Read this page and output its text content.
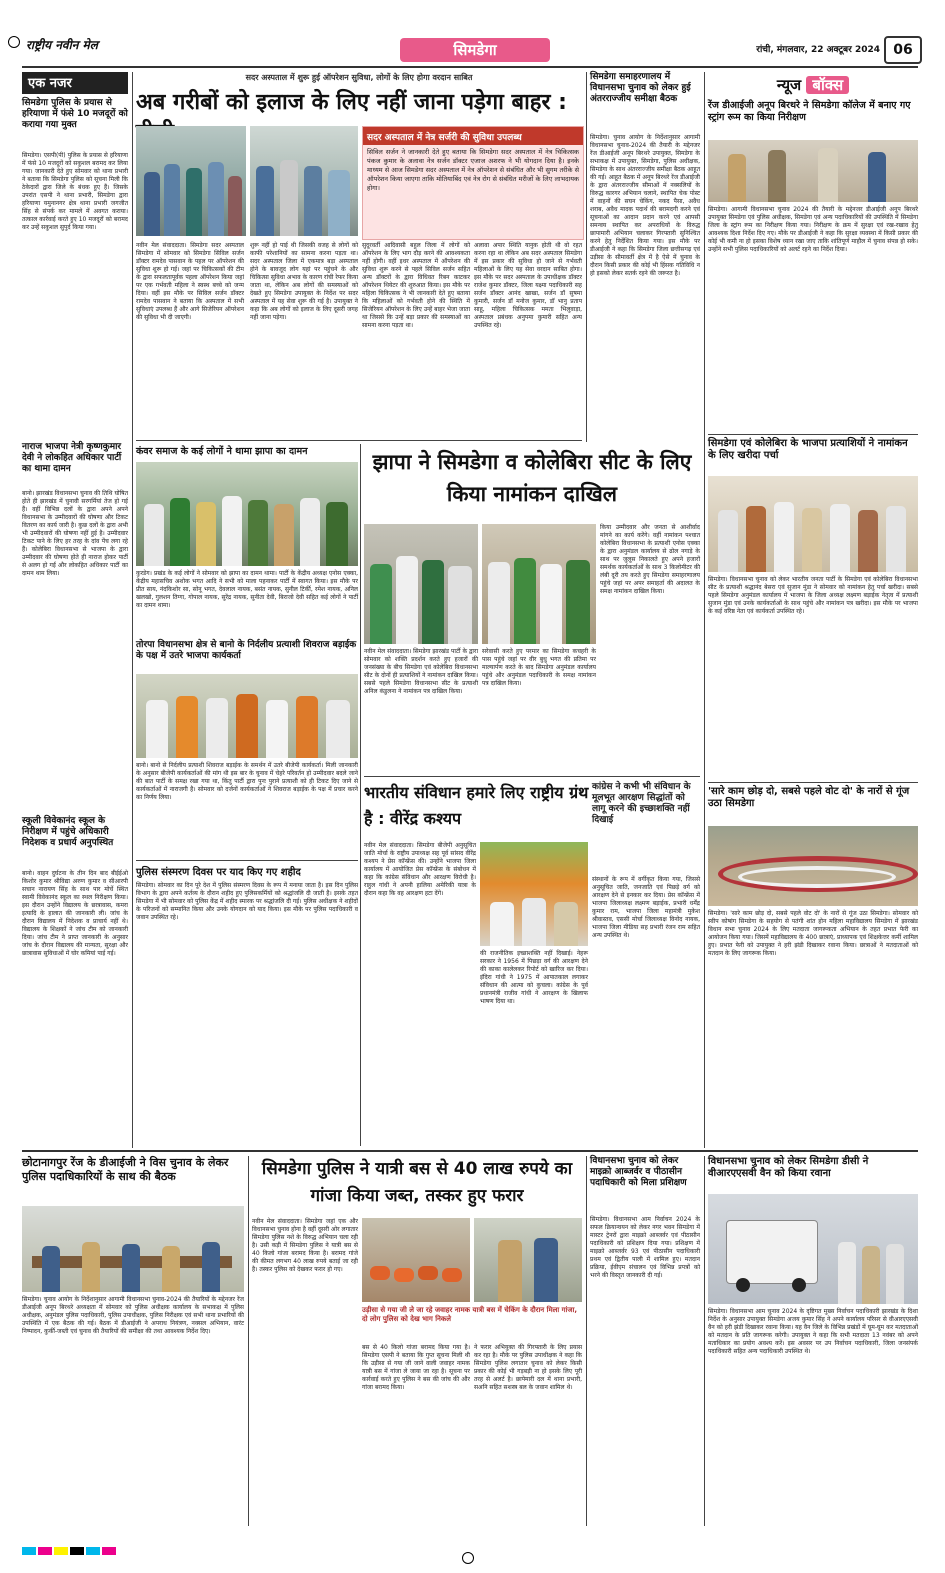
राष्ट्रीय नवीन मेल	सिमडेगा	रांची, मंगलवार, 22 अक्टूबर 2024 06
एक नजर
सिमडेगा पुलिस के प्रयास से हरियाणा में फंसे 10 मजदूरों को कराया गया मुक्त
सिमडेगा। एसपी(पी) पुलिस के प्रयास से हरियाणा में फंसे 10 मजदूरों को सकुशल बरामद कर लिया गया। जानकारी देते हुए सोमवार को थाना प्रभारी ने बताया कि सिमडेगा पुलिस को सूचना मिली कि ठेकेदारों द्वारा जिले के बंधक हुए हैं। जिसके उपरांत एसपी ने थाना प्रभारी, सिमडेगा द्वारा हरियाणा यमुनानगर क्षेत्र थाना प्रभारी जगजीत सिंह से संपर्क कर मामले में अवगत कराया। तत्काल कार्रवाई करते हुए 10 मजदूरों को बरामद कर उन्हें सकुशल सुपुर्द किया गया।
नाराज भाजपा नेत्री कृष्णकुमार देवी ने लोकहित अधिकार पार्टी का थामा दामन
बानो। झारखंड विधानसभा चुनाव की तिथि घोषित होते ही झारखंड में चुनावी सरगर्मियां तेज हो गई हैं। वहीं विभिन्न दलों के द्वारा अपने अपने विधानसभा के उम्मीदवारों की घोषणा और टिकट वितरण का कार्य जारी है। कुछ दलों के द्वारा अभी भी उम्मीदवारों की घोषणा नहीं हुई है। उम्मीदवार टिकट पाने के लिए हर तरह के दांव पेंच लगा रहे हैं। कोलेबिरा विधानसभा से भाजपा के द्वारा उम्मीदवार की घोषणा होते ही नाराज होकर पार्टी से अलग हो गईं और लोकहित अधिकार पार्टी का दामन थाम लिया।
स्कूली विवेकानंद स्कूल के निरीक्षण में पहुंचे अधिकारी निदेशक व प्रधार्य अनुपस्थित
बानो। वाहन दुर्घटना के तीन दिन बाद बीईईओ किशोर कुमार श्रीविद्या अरुण कुमार व सीआरपी सचान नारायण सिंह के साथ पार मोर्चे स्थित स्वामी विवेकानंद स्कूल का स्थल निरीक्षण किया। इस दौरान उन्होंने विद्यालय के छात्रावास, कमरा इत्यादि के हालात की जानकारी ली। जांच के दौरान विद्यालय में निदेशक व प्राचार्य नहीं थे। विद्यालय के शिक्षकों ने जांच टीम को जानकारी दिया। जांच टीम ने प्राप्त जानकारी के अनुसार जांच के दौरान विद्यालय की मान्यता, सुरक्षा और छात्रावास सुविधाओं में घोर कमियां पाई गई।
सदर अस्पताल में शुरू हुई ऑपरेशन सुविधा, लोगों के लिए होगा वरदान साबित
अब गरीबों को इलाज के लिए नहीं जाना पड़ेगा बाहर :
सदर अस्पताल में नेत्र सर्जरी की सुविधा उपलब्ध
सिविल सर्जन ने जानकारी देते हुए बताया कि सिमडेगा सदर अस्पताल में नेत्र चिकित्सक पंकज कुमार के अलावा नेत्र सर्जन डॉक्टर एजाज अशरफ ने भी योगदान दिया है। इनके माध्यम से आज सिमडेगा सदर अस्पताल में नेत्र ऑपरेशन से संबंधित और भी सुगम तरीके से ऑपरेशन किया जाएगा ताकि मोतियाबिंद एवं नेत्र रोग से संबंधित मरीजों के लिए लाभदायक होगा।
नवीन मेल संवाददाता। सिमडेगा सदर अस्पताल सिमडेगा में सोमवार को सिमडेगा सिविल सर्जन डॉक्टर रामदेव पासवान के पहल पर ऑपरेशन की सुविधा शुरू हो गई। जहां पर चिकित्सकों की टीम के द्वारा सफलतापूर्वक पहला ऑपरेशन किया जहां पर एक गर्भवती महिला ने स्वस्थ बच्चे को जन्म दिया। वहीं इस मौके पर सिविल सर्जन डॉक्टर रामदेव पासवान ने बताया कि अस्पताल में सभी सुविधाएं उपलब्ध हैं और आगे सिजेरियन ऑपरेशन की सुविधा भी दी जाएगी।
शुरू नहीं हो पाई थी जिसकी वजह से लोगों को काफी परेशानियों का सामना करना पड़ता था। सदर अस्पताल जिला में एकमात्र बड़ा अस्पताल होने के बावजूद लोग यहां पर पहुंचने के और चिकित्सा सुविधा अभाव के कारण रांची रेफर किया जाता था, लेकिन अब लोगों की समस्याओं को देखते हुए सिमडेगा उपायुक्त के निर्देश पर सदर अस्पताल में यह सेवा शुरू की गई है। उपायुक्त ने कहा कि अब लोगों को इलाज के लिए दूसरी जगह नहीं जाना पड़ेगा।
सुदूरवर्ती आदिवासी बहुल जिला में लोगों को ऑपरेशन के लिए भाग दौड़ करने की आवश्यकता नहीं होगी। वहीं इधर अस्पताल में ऑपरेशन की सुविधा शुरू करने से पहले सिविल सर्जन सहित अन्य डॉक्टरों के द्वारा विधिवत रिबन काटकर ऑपरेशन थियेटर की शुरुआत किया। इस मौके पर महिला चिकित्सक ने भी जानकारी देते हुए बताया कि महिलाओं को गर्भवती होने की स्थिति में सिजेरियन ऑपरेशन के लिए उन्हें बाहर भेजा जाता था जिससे कि उन्हें बड़ा प्रकार की समस्याओं का सामना करना पड़ता था।
अलावा अपार स्थिति यानुक होती थी वो रहत करना रहा था लेकिन अब सदर अस्पताल सिमडेगा में इस प्रकार की सुविधा हो जाने से गर्भवती महिलाओं के लिए यह सेवा वरदान साबित होगा। इस मौके पर सदर अस्पताल के उपाधीक्षक डॉक्टर राजेश कुमार डॉक्टर, जिला यक्ष्मा पदाधिकारी सह सर्जन डॉक्टर आनंद खाखा, सर्जन डॉ सुषमा कुमारी, सर्जन डॉ मनोज कुमार, डॉ भानु प्रताप साहू, महिला चिकित्सक ममता भिलुवाड़ा, अस्पताल प्रबंधक अनुपमा कुमारी सहित अन्य उपस्थित रहे।
सिमडेगा समाहरणालय में विधानसभा चुनाव को लेकर हुई अंतरराज्जीय समीक्षा बैठक
सिमडेगा। चुनाव आयोग के निर्देशानुसार आगामी विधानसभा चुनाव-2024 की तैयारी के मद्देनजर रेंज डीआईजी अनूप बिरथरे उपायुक्त, सिमडेगा के सभाकक्ष में उपायुक्त, सिमडेगा, पुलिस अधीक्षक, सिमडेगा के साथ अंतरराज्जीय समीक्षा बैठक आहूत की गई। आहूत बैठक में अनूप बिरथरे रेंज डीआईजी के द्वारा अंतरराज्जीय सीमाओं में नक्सलियों के विरुद्ध कारगर अभियान चलाने, स्थापित चेक पोस्ट में वाहनों की सघन चेकिंग, नकद पैसा, अवैध शराब, अवैध मादक पदार्थ की बरामदगी करने एवं सूचनाओं का आदान प्रदान करने एवं आपसी समन्वय स्थापित कर अपराधियों के विरुद्ध छापामारी अभियान चलाकर गिरफ्तारी सुनिश्चित करने हेतु निर्देशित किया गया। इस मौके पर डीआईजी ने कहा कि सिमडेगा जिला छत्तीसगढ़ एवं उड़ीसा के सीमावर्ती क्षेत्र में है ऐसे में चुनाव के दौरान किसी प्रकार की कोई भी हिंसक गतिविधि न हो इसको लेकर सतर्क रहने की जरूरत है।
न्यूज बॉक्स
रेंज डीआईजी अनूप बिरथरे ने सिमडेगा कॉलेज में बनाए गए स्ट्रांग रूम का किया निरीक्षण
सिमडेगा। आगामी विधानसभा चुनाव 2024 की तैयारी के मद्देनजर डीआईजी अनूप बिरथरे उपायुक्त सिमडेगा एवं पुलिस अधीक्षक, सिमडेगा एवं अन्य पदाधिकारियों की उपस्थिति में सिमडेगा जिला के स्ट्रांग रूम का निरीक्षण किया गया। निरीक्षण के क्रम में सुरक्षा एवं रख-रखाव हेतु आवश्यक दिशा निर्देश दिए गए। मौके पर डीआईजी ने कहा कि सुरक्षा व्यवस्था में किसी प्रकार की कोई भी कमी ना हो इसका विशेष ध्यान रखा जाए ताकि शांतिपूर्ण माहौल में चुनाव संपन्न हो सके। उन्होंने सभी पुलिस पदाधिकारियों को अलर्ट रहने का निर्देश दिया।
सिमडेगा एवं कोलेबिरा के भाजपा प्रत्याशियों ने नामांकन के लिए खरीदा पर्चा
सिमडेगा। विधानसभा चुनाव को लेकर भारतीय जनता पार्टी के सिमडेगा एवं कोलेबिरा विधानसभा सीट के प्रत्याशी श्रद्धानंद बेसरा एवं सुजान मुंडा ने सोमवार को नामांकन हेतु पर्चा खरीदा। सबसे पहले सिमडेगा अनुमंडल कार्यालय में भाजपा के जिला अध्यक्ष लक्ष्मण बड़ाईक नेतृत्व में प्रत्याशी सुजान मुंडा एवं उनके कार्यकर्ताओं के साथ पहुंचे और नामांकन पत्र खरीदा। इस मौके पर भाजपा के कई वरिष्ठ नेता एवं कार्यकर्ता उपस्थित रहे।
'सारे काम छोड़ दो, सबसे पहले वोट दो' के नारों से गूंज उठा सिमडेगा
सिमडेगा। 'सारे काम छोड़ दो, सबसे पहले वोट दो' के नारों से गूंज उठा सिमडेगा। सोमवार को स्वीप कोषांग सिमडेगा के सहयोग से पतंगी शांत होन महिला महाविद्यालय सिमडेगा में झारखंड विधान सभा चुनाव 2024 के लिए मतदाता जागरूकता अभियान के तहत प्रभात फेरी का आयोजन किया गया। जिसमें महाविद्यालय के 400 छात्राएं, प्राध्यापक एवं शिक्षकेत्तर कर्मी शामिल हुए। प्रभात फेरी को उपायुक्त ने हरी झंडी दिखाकर रवाना किया। छात्राओं ने मतदाताओं को मतदान के लिए जागरूक किया।
कंवर समाज के कई लोगों ने थामा झापा का दामन
कुरडेग। प्रखंड के कई लोगों ने सोमवार को झापा का दामन थामा। पार्टी के केंद्रीय अध्यक्ष एनोस एक्का, केंद्रीय महासचिव अशोक भगत आदि ने सभी को माला पहनाकर पार्टी में स्वागत किया। इस मौके पर प्रीत साय, नंदकिशोर सा, सोनू भगत, देवलाल नायक, बसंत नायक, सुनील टिर्की, रमेश नायक, अनिल खलखो, गुलशन तिग्गा, गोपाल नायक, सुरेंद्र नायक, सुनीता देवी, बिराजो देवी सहित कई लोगों ने पार्टी का दामन थामा।
तोरपा विधानसभा क्षेत्र से बानो के निर्दलीय प्रत्याशी शिवराज बड़ाईक के पक्ष में उतरे भाजपा कार्यकर्ता
बानो। बानो से निर्दलीय प्रत्याशी शिवराज बड़ाईक के समर्थन में उतरे बीजेपी कार्यकर्ता। मिली जानकारी के अनुसार बीजेपी कार्यकर्ताओं की मांग थी इस बार के चुनाव में चेहरे परिवर्तन हो उम्मीदवार बदले जाने की बात पार्टी के समक्ष रखा गया था, किंतु पार्टी द्वारा पुनः पुराने प्रत्याशी को ही टिकट दिए जाने से कार्यकर्ताओं में नाराजगी है। सोमवार को दर्जनों कार्यकर्ताओं ने शिवराज बड़ाईक के पक्ष में प्रचार करने का निर्णय लिया।
पुलिस संस्मरण दिवस पर याद किए गए शहीद
सिमडेगा। सोमवार का दिन पूरे देश में पुलिस संस्मरण दिवस के रूप में मनाया जाता है। इस दिन पुलिस विभाग के द्वारा अपने कर्तव्य के दौरान शहीद हुए पुलिसकर्मियों को श्रद्धांजलि दी जाती है। इसके तहत सिमडेगा में भी सोमवार को पुलिस केंद्र में शहीद स्मारक पर श्रद्धांजलि दी गई। पुलिस अधीक्षक ने शहीदों के परिजनों को सम्मानित किया और उनके योगदान को याद किया। इस मौके पर पुलिस पदाधिकारी व जवान उपस्थित रहे।
झापा ने सिमडेगा व कोलेबिरा सीट के लिए किया नामांकन दाखिल
नवीन मेल संवाददाता। सिमडेगा झारखंड पार्टी के द्वारा सोमवार को शक्ति प्रदर्शन करते हुए हजारों की जनसंख्या के बीच सिमडेगा एवं कोलेबिरा विधानसभा सीट के दोनों ही प्रत्याशियों ने नामांकन दाखिल किया। सबसे पहले सिमडेगा विधानसभा सीट के प्रत्याशी अनिल कंडुलना ने नामांकन पत्र दाखिल किया।
सरेवासी करते हुए परमार का सिमडेगा कचहरी के पास पहुंचे जहां पर वीर बुधु भगत की प्रतिमा पर माल्यार्पण करते के बाद सिमडेगा अनुमंडल कार्यालय पहुंचे और अनुमंडल पदाधिकारी के समक्ष नामांकन पत्र दाखिल किया।
किया उम्मीदवार और जनता से आशीर्वाद मांगने का कार्य करेंगे। वहीं नामांकन पश्चात कोलेबिरा विधानसभा के प्रत्याशी एनोस एक्का के द्वारा अनुमंडल कार्यालय से ढोल नगाड़े के साथ पर जुलूस निकालते हुए अपने हजारों समर्थक कार्यकर्ताओं के साथ 3 किलोमीटर की लंबी दूरी तय करते हुए सिमडेगा समाहरणालय पहुंचे जहां पर अपर समाहर्ता की अदालत के समक्ष नामांकन दाखिल किया।
भारतीय संविधान हमारे लिए राष्ट्रीय ग्रंथ है : वीरेंद्र कश्यप
नवीन मेल संवाददाता। सिमडेगा बीजेपी अनुसूचित जाति मोर्चा के राष्ट्रीय उपाध्यक्ष सह पूर्व सांसद वीरेंद्र कश्यप ने प्रेस कॉन्फ्रेंस की। उन्होंने भाजपा जिला कार्यालय में आयोजित प्रेस कॉन्फ्रेंस के संबोधन में कहा कि कांग्रेस संविधान और आरक्षण विरोधी है। राहुल गांधी ने अपनी हालिया अमेरिकी यात्रा के दौरान कहा कि वह आरक्षण हटा देंगे।
की राजनीतिक इच्छाशक्ति नहीं दिखाई। नेहरू सरकार ने 1956 में पिछड़ा वर्ग की आरक्षण देने की काका कालेलकर रिपोर्ट को खारिज कर दिया। इंदिरा गांधी ने 1975 में आपातकाल लगाकर संविधान की आत्मा को कुचला। कांग्रेस के पूर्व प्रधानमंत्री राजीव गांधी ने आरक्षण के खिलाफ भाषण दिया था।
कांग्रेस ने कभी भी संविधान के मूलभूत आरक्षण सिद्धांतों को लागू करने की इच्छाशक्ति नहीं दिखाई
संस्थानों के रूप में वर्गीकृत किया गया, जिससे अनुसूचित जाति, जनजाति एवं पिछड़े वर्ग को आरक्षण देने से इनकार कर दिया। प्रेस कॉन्फ्रेंस में भाजपा जिलाध्यक्ष लक्ष्मण बड़ाईक, प्रभारी धर्मेंद्र कुमार राम, भाजपा जिला महामंत्री मुकेश श्रीवास्तव, एससी मोर्चा जिलाध्यक्ष विनोद नायक, भाजपा जिला मीडिया सह प्रभारी रंजन राम सहित अन्य उपस्थित थे।
छोटानागपुर रेंज के डीआईजी ने विस चुनाव के लेकर पुलिस पदाधिकारियों के साथ की बैठक
सिमडेगा। चुनाव आयोग के निर्देशानुसार आगामी विधानसभा चुनाव-2024 की तैयारियों के मद्देनजर रेंज डीआईजी अनूप बिरथरे अध्यक्षता में सोमवार को पुलिस अधीक्षक कार्यालय के सभाकक्ष में पुलिस अधीक्षक, अनुमंडल पुलिस पदाधिकारी, पुलिस उपाधीक्षक, पुलिस निरीक्षक एवं सभी थाना प्रभारियों की उपस्थिति में एक बैठक की गई। बैठक में डीआईजी ने अपराध नियंत्रण, नक्सल अभियान, वारंट निष्पादन, कुर्की-जब्ती एवं चुनाव की तैयारियों की समीक्षा की तथा आवश्यक निर्देश दिए।
सिमडेगा पुलिस ने यात्री बस से 40 लाख रुपये का गांजा किया जब्त, तस्कर हुए फरार
नवीन मेल संवाददाता। सिमडेगा जहां एक और विधानसभा चुनाव होना है वहीं दूसरी ओर लगातार सिमडेगा पुलिस नशे के विरुद्ध अभियान चला रही है। उसी कड़ी में सिमडेगा पुलिस ने यात्री बस से 40 किलो गांजा बरामद किया है। बरामद गांजे की कीमत लगभग 40 लाख रुपये बताई जा रही है। तस्कर पुलिस को देखकर फरार हो गए।
उड़ीसा से गया जी ले जा रहे जवाहर नामक यात्री बस में चेकिंग के दौरान मिला गांजा, दो लोग पुलिस को देख भाग निकले
बस से 40 किलो गांजा बरामद किया गया है। सिमडेगा एसपी ने बताया कि गुप्त सूचना मिली थी कि उड़ीसा से गया जी जाने वाली जवाहर नामक यात्री बस में गांजा ले जाया जा रहा है। सूचना पर कार्रवाई करते हुए पुलिस ने बस की जांच की और गांजा बरामद किया।
ने फरार अभियुक्त की गिरफ्तारी के लिए प्रयास कर रहा है। मौके पर पुलिस उपाधीक्षक ने कहा कि सिमडेगा पुलिस लगातार चुनाव को लेकर किसी प्रकार की कोई भी गड़बड़ी ना हो इसके लिए पूरी तरह से अलर्ट है। छापेमारी दल में थाना प्रभारी, सअनि सहित सशस्त्र बल के जवान शामिल थे।
विधानसभा चुनाव को लेकर माइक्रो आब्जर्वर व पीठासीन पदाधिकारी को मिला प्रशिक्षण
सिमडेगा। विधानसभा आम निर्वाचन 2024 के सफल क्रियान्वयन को लेकर नगर भवन सिमडेगा में मास्टर ट्रेनरों द्वारा माइक्रो आब्जर्वर एवं पीठासीन पदाधिकारी को प्रशिक्षण दिया गया। प्रशिक्षण में माइक्रो आब्जर्वर 93 एवं पीठासीन पदाधिकारी प्रथम एवं द्वितीय पाली में शामिल हुए। मतदान प्रक्रिया, ईवीएम संचालन एवं विभिन्न प्रपत्रों को भरने की विस्तृत जानकारी दी गई।
विधानसभा चुनाव को लेकर सिमडेगा डीसी ने वीआरएएसवी वैन को किया रवाना
सिमडेगा। विधानसभा आम चुनाव 2024 के दृष्टिगत मुख्य निर्वाचन पदाधिकारी झारखंड के दिशा निर्देश के अनुसार उपायुक्त सिमडेगा अजय कुमार सिंह ने अपने कार्यालय परिसर से वीआरएएसवी वैन को हरी झंडी दिखाकर रवाना किया। यह वैन जिले के विभिन्न प्रखंडों में घूम-घूम कर मतदाताओं को मतदान के प्रति जागरूक करेगी। उपायुक्त ने कहा कि सभी मतदाता 13 नवंबर को अपने मताधिकार का प्रयोग अवश्य करें। इस अवसर पर उप निर्वाचन पदाधिकारी, जिला जनसंपर्क पदाधिकारी सहित अन्य पदाधिकारी उपस्थित थे।
